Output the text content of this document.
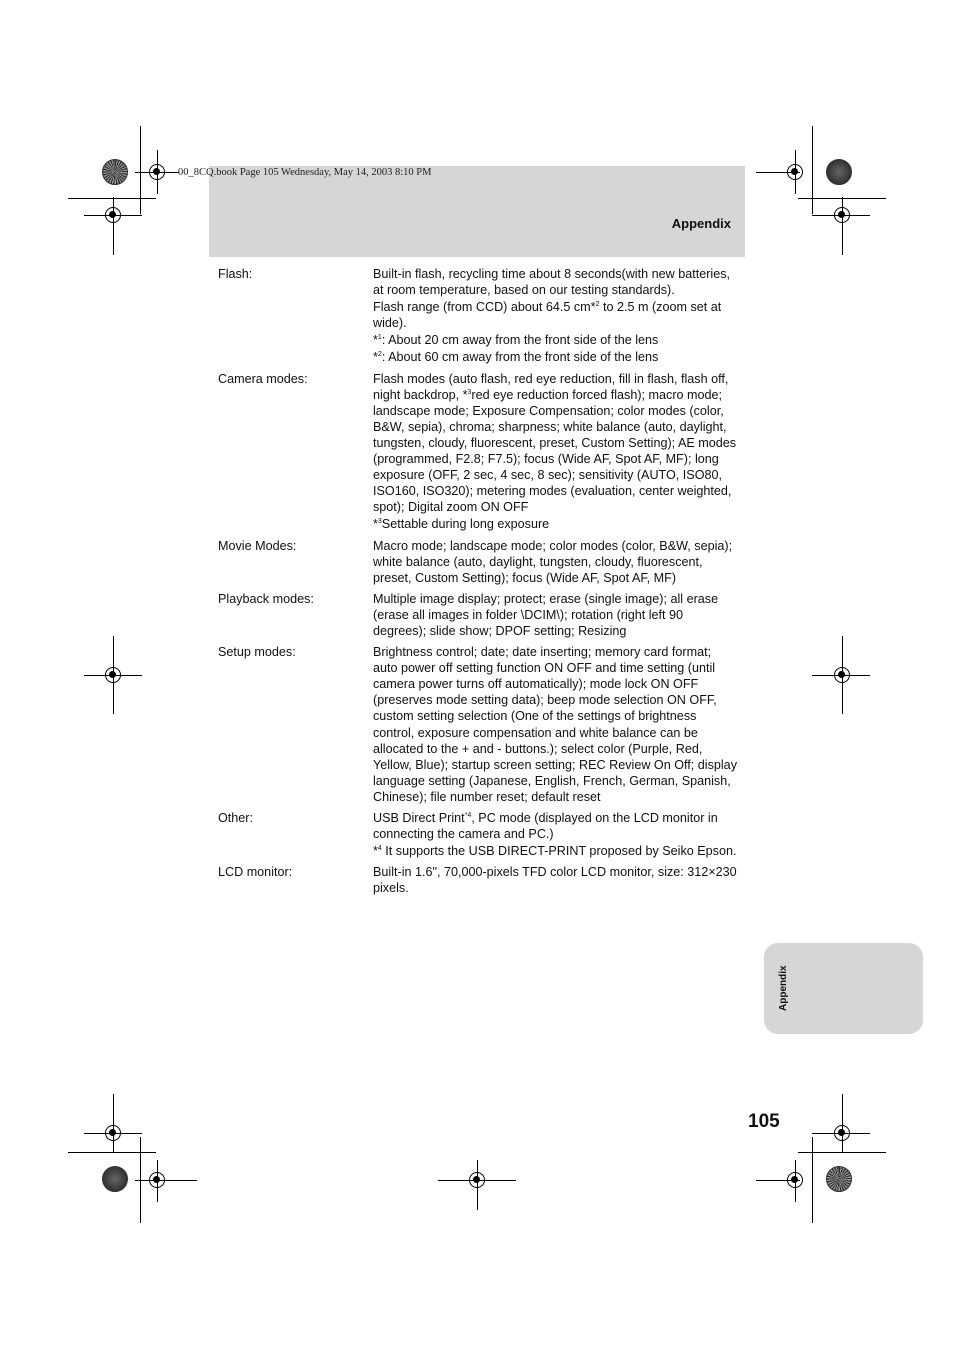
Appendix
00_8CQ.book Page 105 Wednesday, May 14, 2003 8:10 PM
Flash:	Built-in flash, recycling time about 8 seconds(with new batteries, at room temperature, based on our testing standards).

Flash range (from CCD) about 64.5 cm*$^2$ to 2.5 m (zoom set at wide).

*$^1$: About 20 cm away from the front side of the lens

*$^2$: About 60 cm away from the front side of the lens

Camera modes:	Flash modes (auto flash, red eye reduction, fill in flash, flash off, night backdrop, *$^3$red eye reduction forced flash); macro mode; landscape mode; Exposure Compensation; color modes (color, B&W, sepia), chroma; sharpness; white balance (auto, daylight, tungsten, cloudy, fluorescent, preset, Custom Setting); AE modes (programmed, F2.8; F7.5); focus (Wide AF, Spot AF, MF); long exposure (OFF, 2 sec, 4 sec, 8 sec); sensitivity (AUTO, ISO80, ISO160, ISO320); metering modes (evaluation, center weighted, spot); Digital zoom ON OFF

*$^3$Settable during long exposure

Movie Modes:	Macro mode; landscape mode; color modes (color, B&W, sepia); white balance (auto, daylight, tungsten, cloudy, fluorescent, preset, Custom Setting); focus (Wide AF, Spot AF, MF)

Playback modes:	Multiple image display; protect; erase (single image); all erase (erase all images in folder \DCIM\); rotation (right left 90 degrees); slide show; DPOF setting; Resizing

Setup modes:	Brightness control; date; date inserting; memory card format; auto power off setting function ON OFF and time setting (until camera power turns off automatically); mode lock ON OFF (preserves mode setting data); beep mode selection ON OFF, custom setting selection (One of the settings of brightness control, exposure compensation and white balance can be allocated to the + and - buttons.); select color (Purple, Red, Yellow, Blue); startup screen setting; REC Review On Off; display language setting (Japanese, English, French, German, Spanish, Chinese); file number reset; default reset

Other:	USB Direct Print$^{*4}$, PC mode (displayed on the LCD monitor in connecting the camera and PC.)

*$^4$ It supports the USB DIRECT-PRINT proposed by Seiko Epson.

LCD monitor:	Built-in 1.6", 70,000-pixels TFD color LCD monitor, size: 312×230 pixels.

Appendix
105
